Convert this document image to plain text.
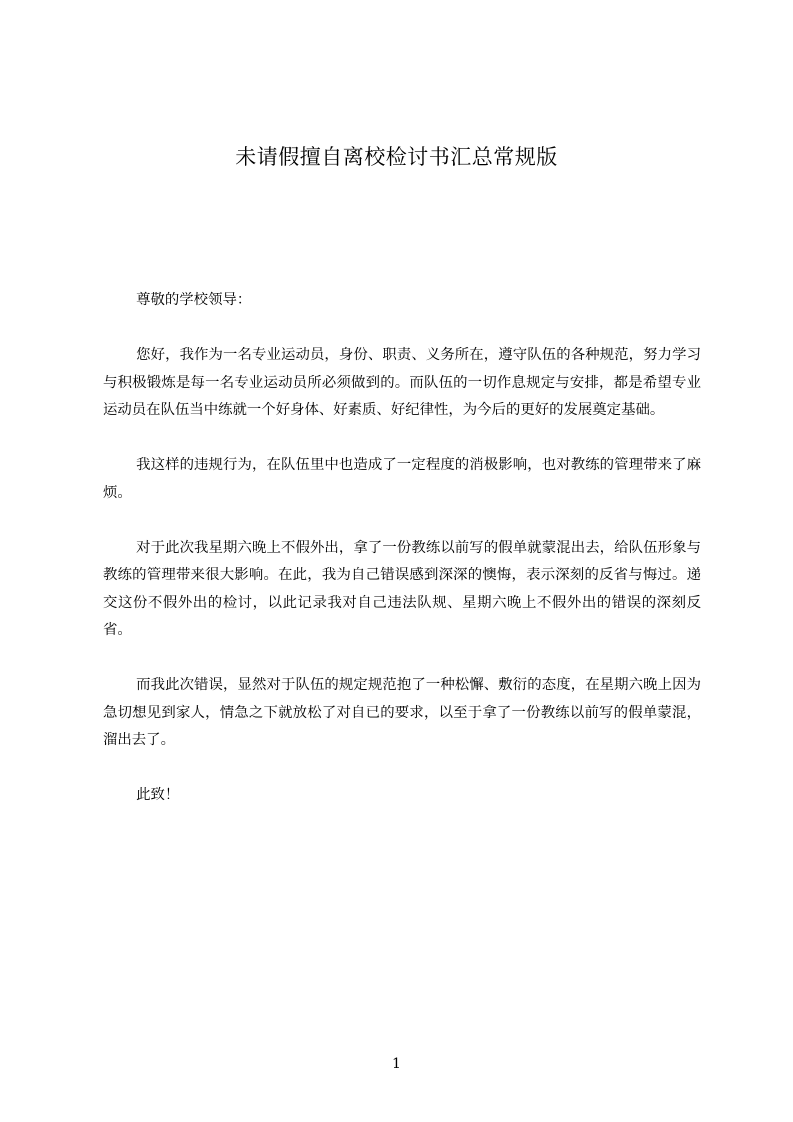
未请假擅自离校检讨书汇总常规版

尊敬的学校领导：

您好，我作为一名专业运动员，身份、职责、义务所在，遵守队伍的各种规范，努力学习与积极锻炼是每一名专业运动员所必须做到的。而队伍的一切作息规定与安排，都是希望专业运动员在队伍当中练就一个好身体、好素质、好纪律性，为今后的更好的发展奠定基础。

我这样的违规行为，在队伍里中也造成了一定程度的消极影响，也对教练的管理带来了麻烦。

对于此次我星期六晚上不假外出，拿了一份教练以前写的假单就蒙混出去，给队伍形象与教练的管理带来很大影响。在此，我为自己错误感到深深的懊悔，表示深刻的反省与悔过。递交这份不假外出的检讨，以此记录我对自己违法队规、星期六晚上不假外出的错误的深刻反省。

而我此次错误，显然对于队伍的规定规范抱了一种松懈、敷衍的态度，在星期六晚上因为急切想见到家人，情急之下就放松了对自已的要求，以至于拿了一份教练以前写的假单蒙混，溜出去了。

此致！

1
